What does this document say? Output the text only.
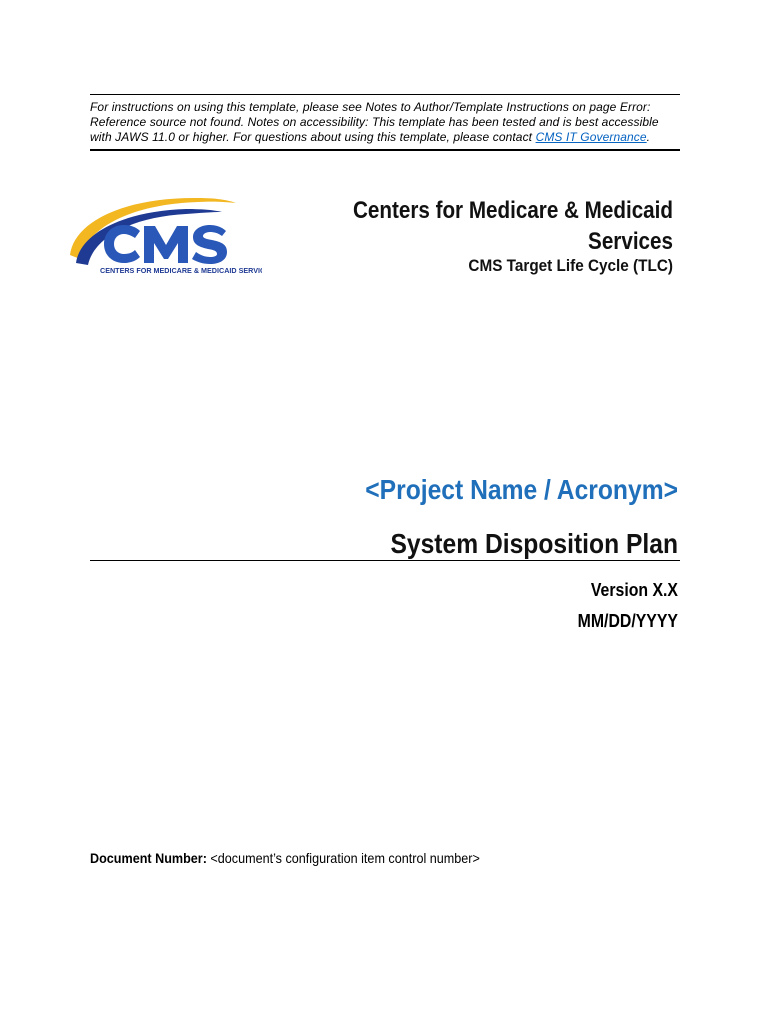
For instructions on using this template, please see Notes to Author/Template Instructions on page Error: Reference source not found. Notes on accessibility: This template has been tested and is best accessible with JAWS 11.0 or higher. For questions about using this template, please contact CMS IT Governance.
CENTERS FOR MEDICARE & MEDICAID SERVICES
Centers for Medicare & Medicaid
Services
CMS Target Life Cycle (TLC)
<Project Name / Acronym>
System Disposition Plan
Version X.X
MM/DD/YYYY
Document Number: <document’s configuration item control number>
